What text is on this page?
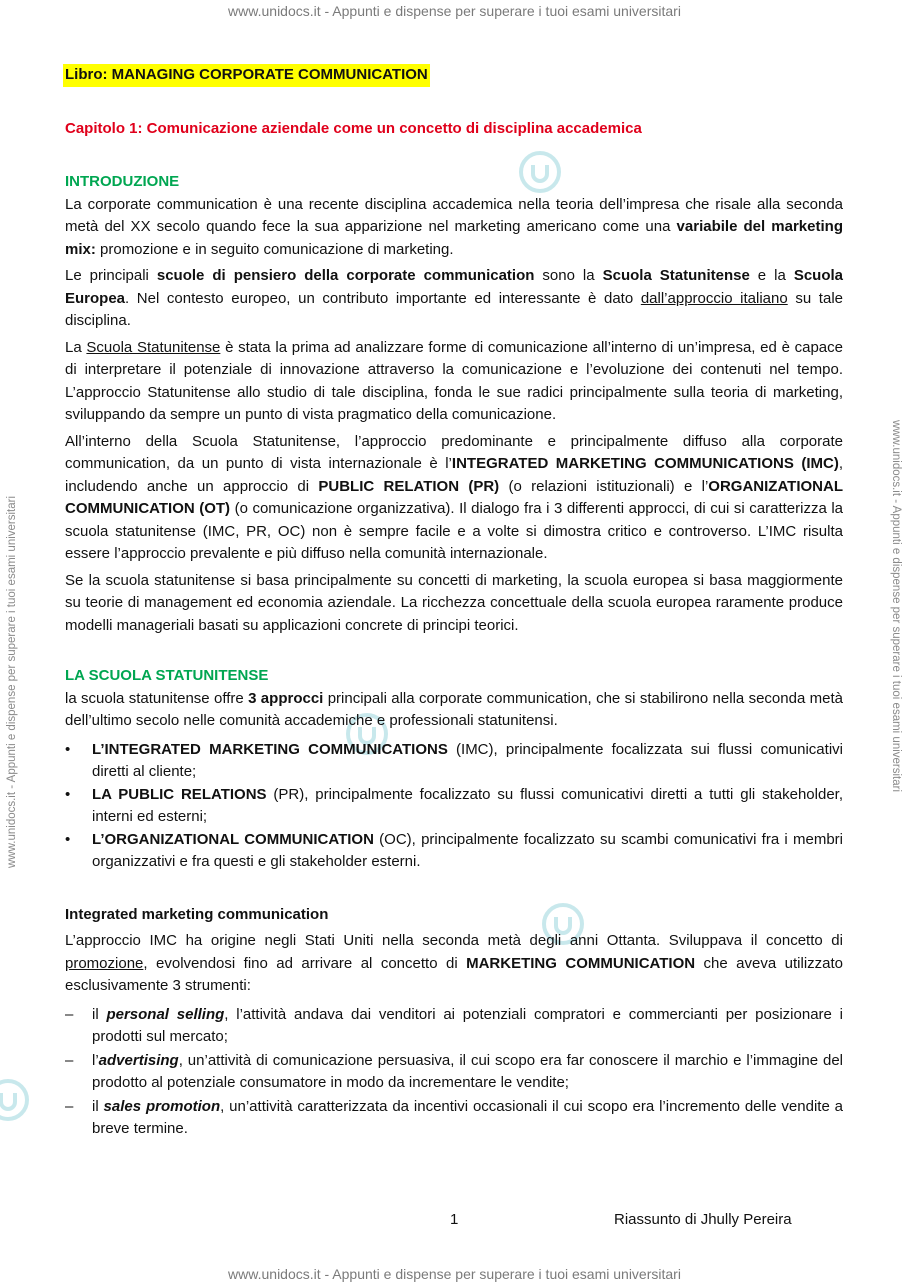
www.unidocs.it - Appunti e dispense per superare i tuoi esami universitari
www.unidocs.it - Appunti e dispense per superare i tuoi esami universitari
www.unidocs.it - Appunti e dispense per superare i tuoi esami universitari	www.unidocs.it - Appunti e dispense per superare i tuoi esami universitari
Libro: MANAGING CORPORATE COMMUNICATION
Capitolo 1: Comunicazione aziendale come un concetto di disciplina accademica
INTRODUZIONE

La corporate communication è una recente disciplina accademica nella teoria dell’impresa che risale alla seconda metà del XX secolo quando fece la sua apparizione nel marketing americano come una variabile del marketing mix: promozione e in seguito comunicazione di marketing.

Le principali scuole di pensiero della corporate communication sono la Scuola Statunitense e la Scuola Europea. Nel contesto europeo, un contributo importante ed interessante è dato dall’approccio italiano su tale disciplina.

La Scuola Statunitense è stata la prima ad analizzare forme di comunicazione all’interno di un’impresa, ed è capace di interpretare il potenziale di innovazione attraverso la comunicazione e l’evoluzione dei contenuti nel tempo. L’approccio Statunitense allo studio di tale disciplina, fonda le sue radici principalmente sulla teoria di marketing, sviluppando da sempre un punto di vista pragmatico della comunicazione.

All’interno della Scuola Statunitense, l’approccio predominante e principalmente diffuso alla corporate communication, da un punto di vista internazionale è l’INTEGRATED MARKETING COMMUNICATIONS (IMC), includendo anche un approccio di PUBLIC RELATION (PR) (o relazioni istituzionali) e l’ORGANIZATIONAL COMMUNICATION (OT) (o comunicazione organizzativa). Il dialogo fra i 3 differenti approcci, di cui si caratterizza la scuola statunitense (IMC, PR, OC) non è sempre facile e a volte si dimostra critico e controverso. L’IMC risulta essere l’approccio prevalente e più diffuso nella comunità internazionale.

Se la scuola statunitense si basa principalmente su concetti di marketing, la scuola europea si basa maggiormente su teorie di management ed economia aziendale. La ricchezza concettuale della scuola europea raramente produce modelli manageriali basati su applicazioni concrete di principi teorici.

LA SCUOLA STATUNITENSE

la scuola statunitense offre 3 approcci principali alla corporate communication, che si stabilirono nella seconda metà dell’ultimo secolo nelle comunità accademiche e professionali statunitensi.

•	L’INTEGRATED MARKETING COMMUNICATIONS (IMC), principalmente focalizzata sui flussi comunicativi diretti al cliente;
•	LA PUBLIC RELATIONS (PR), principalmente focalizzato su flussi comunicativi diretti a tutti gli stakeholder, interni ed esterni;
•	L’ORGANIZATIONAL COMMUNICATION (OC), principalmente focalizzato su scambi comunicativi fra i membri organizzativi e fra questi e gli stakeholder esterni.
Integrated marketing communication

L’approccio IMC ha origine negli Stati Uniti nella seconda metà degli anni Ottanta. Sviluppava il concetto di promozione, evolvendosi fino ad arrivare al concetto di MARKETING COMMUNICATION che aveva utilizzato esclusivamente 3 strumenti:

–	il personal selling, l’attività andava dai venditori ai potenziali compratori e commercianti per posizionare i prodotti sul mercato;
–	l’advertising, un’attività di comunicazione persuasiva, il cui scopo era far conoscere il marchio e l’immagine del prodotto al potenziale consumatore in modo da incrementare le vendite;
–	il sales promotion, un’attività caratterizzata da incentivi occasionali il cui scopo era l’incremento delle vendite a breve termine.
1	Riassunto di Jhully Pereira
